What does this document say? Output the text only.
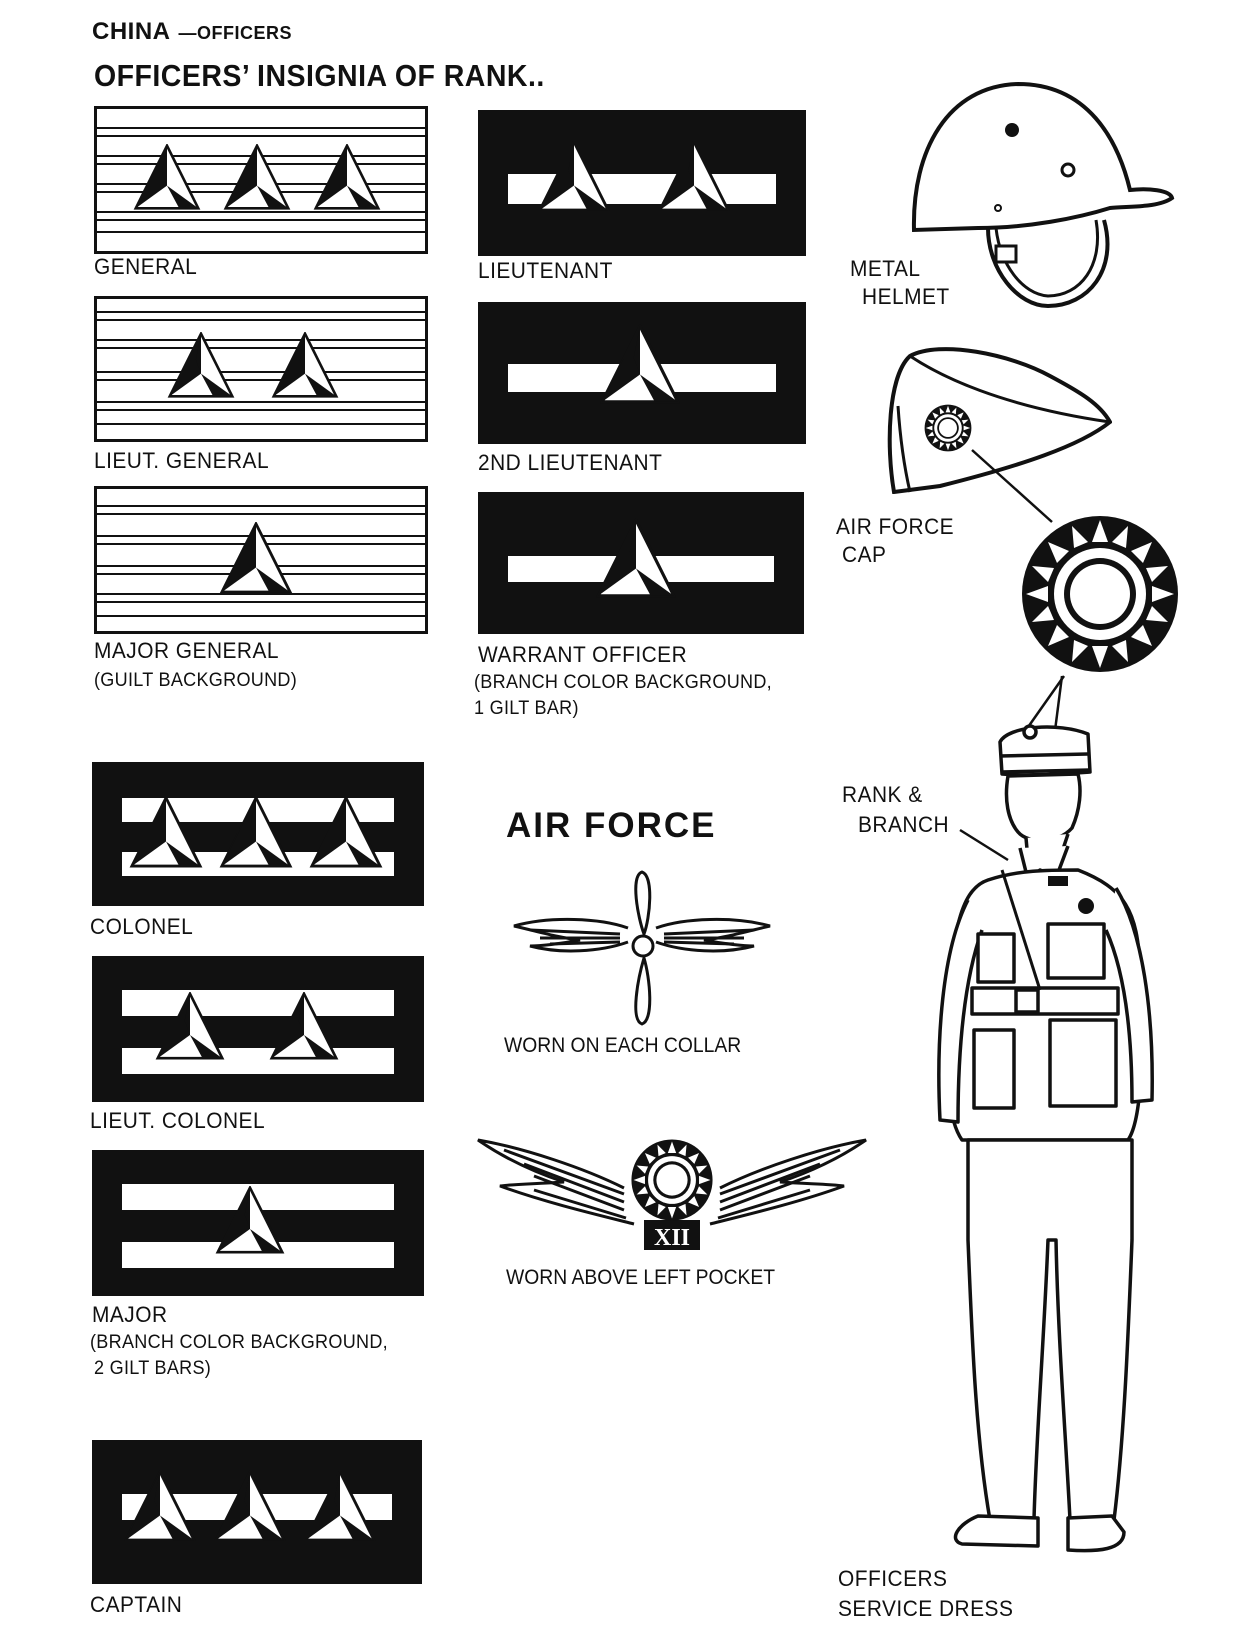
CHINA —OFFICERS
OFFICERS’ INSIGNIA OF RANK..
GENERAL	LIEUTENANT
LIEUT. GENERAL	2ND LIEUTENANT
MAJOR GENERAL
(GUILT BACKGROUND)
WARRANT OFFICER
(BRANCH COLOR BACKGROUND,
1 GILT BAR)
COLONEL
LIEUT. COLONEL
MAJOR
(BRANCH COLOR BACKGROUND,
2 GILT BARS)
CAPTAIN
AIR FORCE
WORN ON EACH COLLAR
XII
WORN ABOVE LEFT POCKET
METAL
HELMET
AIR FORCE
CAP
RANK &
BRANCH
OFFICERS
SERVICE DRESS
